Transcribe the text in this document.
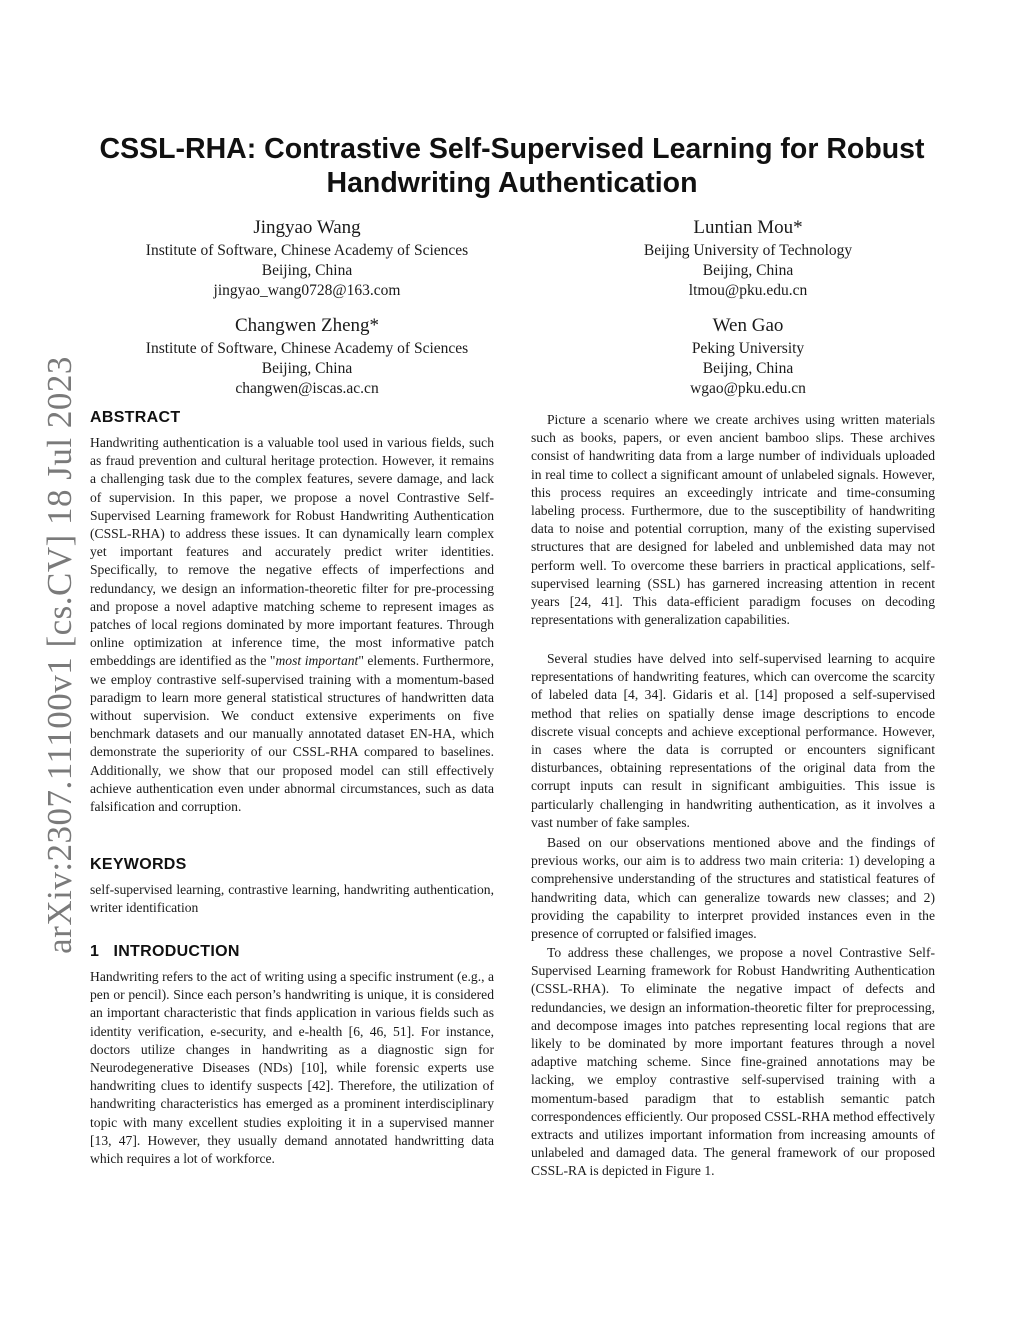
arXiv:2307.11100v1 [cs.CV] 18 Jul 2023
CSSL-RHA: Contrastive Self-Supervised Learning for Robust
Handwriting Authentication
Jingyao Wang
Institute of Software, Chinese Academy of Sciences
Beijing, China
jingyao_wang0728@163.com
Luntian Mou*
Beijing University of Technology
Beijing, China
ltmou@pku.edu.cn
Changwen Zheng*
Institute of Software, Chinese Academy of Sciences
Beijing, China
changwen@iscas.ac.cn
Wen Gao
Peking University
Beijing, China
wgao@pku.edu.cn
ABSTRACT

Handwriting authentication is a valuable tool used in various fields, such as fraud prevention and cultural heritage protection. However, it remains a challenging task due to the complex features, severe damage, and lack of supervision. In this paper, we propose a novel Contrastive Self-Supervised Learning framework for Robust Handwriting Authentication (CSSL-RHA) to address these issues. It can dynamically learn complex yet important features and accurately predict writer identities. Specifically, to remove the negative effects of imperfections and redundancy, we design an information-theoretic filter for pre-processing and propose a novel adaptive matching scheme to represent images as patches of local regions dominated by more important features. Through online optimization at inference time, the most informative patch embeddings are identified as the "most important" elements. Furthermore, we employ contrastive self-supervised training with a momentum-based paradigm to learn more general statistical structures of handwritten data without supervision. We conduct extensive experiments on five benchmark datasets and our manually annotated dataset EN-HA, which demonstrate the superiority of our CSSL-RHA compared to baselines. Additionally, we show that our proposed model can still effectively achieve authentication even under abnormal circumstances, such as data falsification and corruption.

KEYWORDS

self-supervised learning, contrastive learning, handwriting authentication, writer identification

1 INTRODUCTION

Handwriting refers to the act of writing using a specific instrument (e.g., a pen or pencil). Since each person’s handwriting is unique, it is considered an important characteristic that finds application in various fields such as identity verification, e-security, and e-health [6, 46, 51]. For instance, doctors utilize changes in handwriting as a diagnostic sign for Neurodegenerative Diseases (NDs) [10], while forensic experts use handwriting clues to identify suspects [42]. Therefore, the utilization of handwriting characteristics has emerged as a prominent interdisciplinary topic with many excellent studies exploiting it in a supervised manner [13, 47]. However, they usually demand annotated handwritting data which requires a lot of workforce.

Picture a scenario where we create archives using written materials such as books, papers, or even ancient bamboo slips. These archives consist of handwriting data from a large number of individuals uploaded in real time to collect a significant amount of unlabeled signals. However, this process requires an exceedingly intricate and time-consuming labeling process. Furthermore, due to the susceptibility of handwriting data to noise and potential corruption, many of the existing supervised structures that are designed for labeled and unblemished data may not perform well. To overcome these barriers in practical applications, self-supervised learning (SSL) has garnered increasing attention in recent years [24, 41]. This data-efficient paradigm focuses on decoding representations with generalization capabilities.

Several studies have delved into self-supervised learning to acquire representations of handwriting features, which can overcome the scarcity of labeled data [4, 34]. Gidaris et al. [14] proposed a self-supervised method that relies on spatially dense image descriptions to encode discrete visual concepts and achieve exceptional performance. However, in cases where the data is corrupted or encounters significant disturbances, obtaining representations of the original data from the corrupt inputs can result in significant ambiguities. This issue is particularly challenging in handwriting authentication, as it involves a vast number of fake samples.

Based on our observations mentioned above and the findings of previous works, our aim is to address two main criteria: 1) developing a comprehensive understanding of the structures and statistical features of handwriting data, which can generalize towards new classes; and 2) providing the capability to interpret provided instances even in the presence of corrupted or falsified images.

To address these challenges, we propose a novel Contrastive Self-Supervised Learning framework for Robust Handwriting Authentication (CSSL-RHA). To eliminate the negative impact of defects and redundancies, we design an information-theoretic filter for preprocessing, and decompose images into patches representing local regions that are likely to be dominated by more important features through a novel adaptive matching scheme. Since fine-grained annotations may be lacking, we employ contrastive self-supervised training with a momentum-based paradigm that to establish semantic patch correspondences efficiently. Our proposed CSSL-RHA method effectively extracts and utilizes important information from increasing amounts of unlabeled and damaged data. The general framework of our proposed CSSL-RA is depicted in Figure 1.
